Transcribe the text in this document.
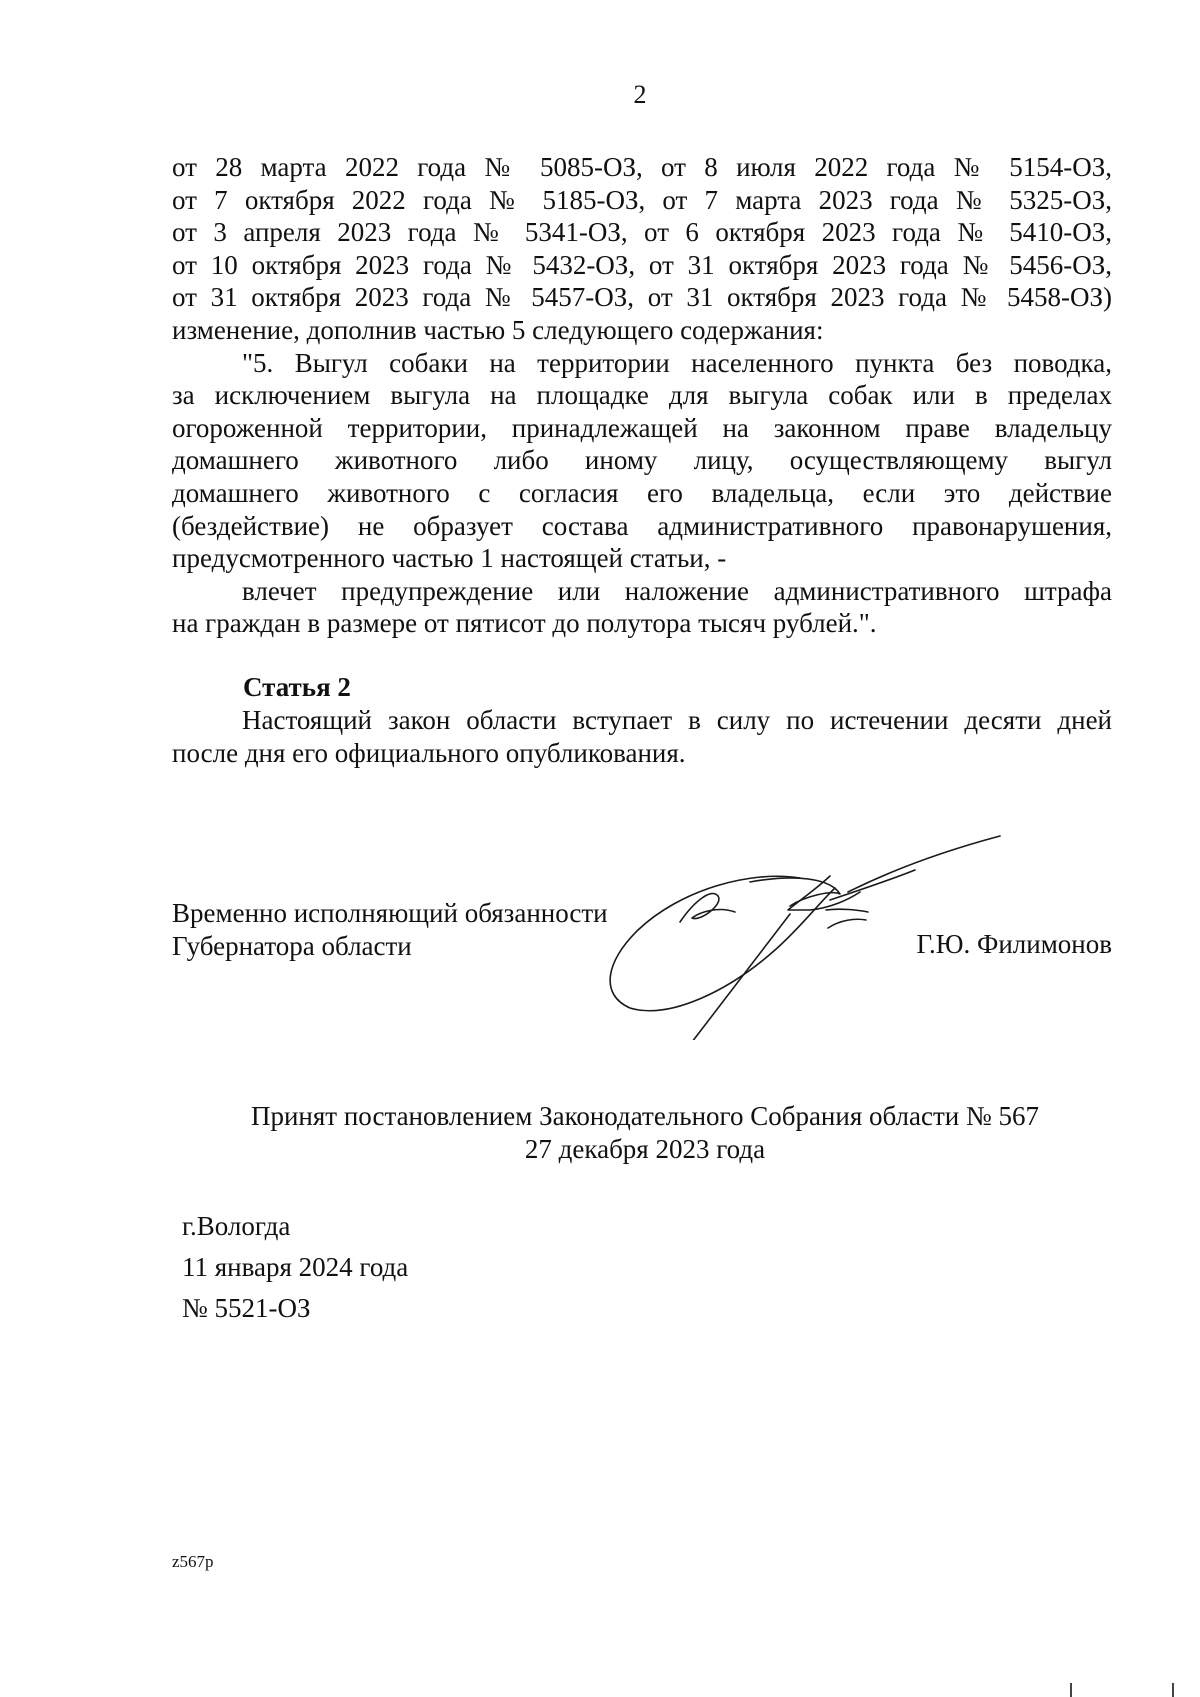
2
от 28 марта 2022 года № 5085-ОЗ, от 8 июля 2022 года № 5154-ОЗ,
от 7 октября 2022 года № 5185-ОЗ, от 7 марта 2023 года № 5325-ОЗ,
от 3 апреля 2023 года № 5341-ОЗ, от 6 октября 2023 года № 5410-ОЗ,
от 10 октября 2023 года № 5432-ОЗ, от 31 октября 2023 года № 5456-ОЗ,
от 31 октября 2023 года № 5457-ОЗ, от 31 октября 2023 года № 5458-ОЗ)
изменение, дополнив частью 5 следующего содержания:
"5. Выгул собаки на территории населенного пункта без поводка,
за исключением выгула на площадке для выгула собак или в пределах
огороженной территории, принадлежащей на законном праве владельцу
домашнего животного либо иному лицу, осуществляющему выгул
домашнего животного с согласия его владельца, если это действие
(бездействие) не образует состава административного правонарушения,
предусмотренного частью 1 настоящей статьи, -
влечет предупреждение или наложение административного штрафа
на граждан в размере от пятисот до полутора тысяч рублей.".
Статья 2
Настоящий закон области вступает в силу по истечении десяти дней
после дня его официального опубликования.
Временно исполняющий обязанности
Губернатора области	Г.Ю. Филимонов
Принят постановлением Законодательного Собрания области № 567
27 декабря 2023 года
г.Вологда
11 января 2024 года
№ 5521-ОЗ
z567р
